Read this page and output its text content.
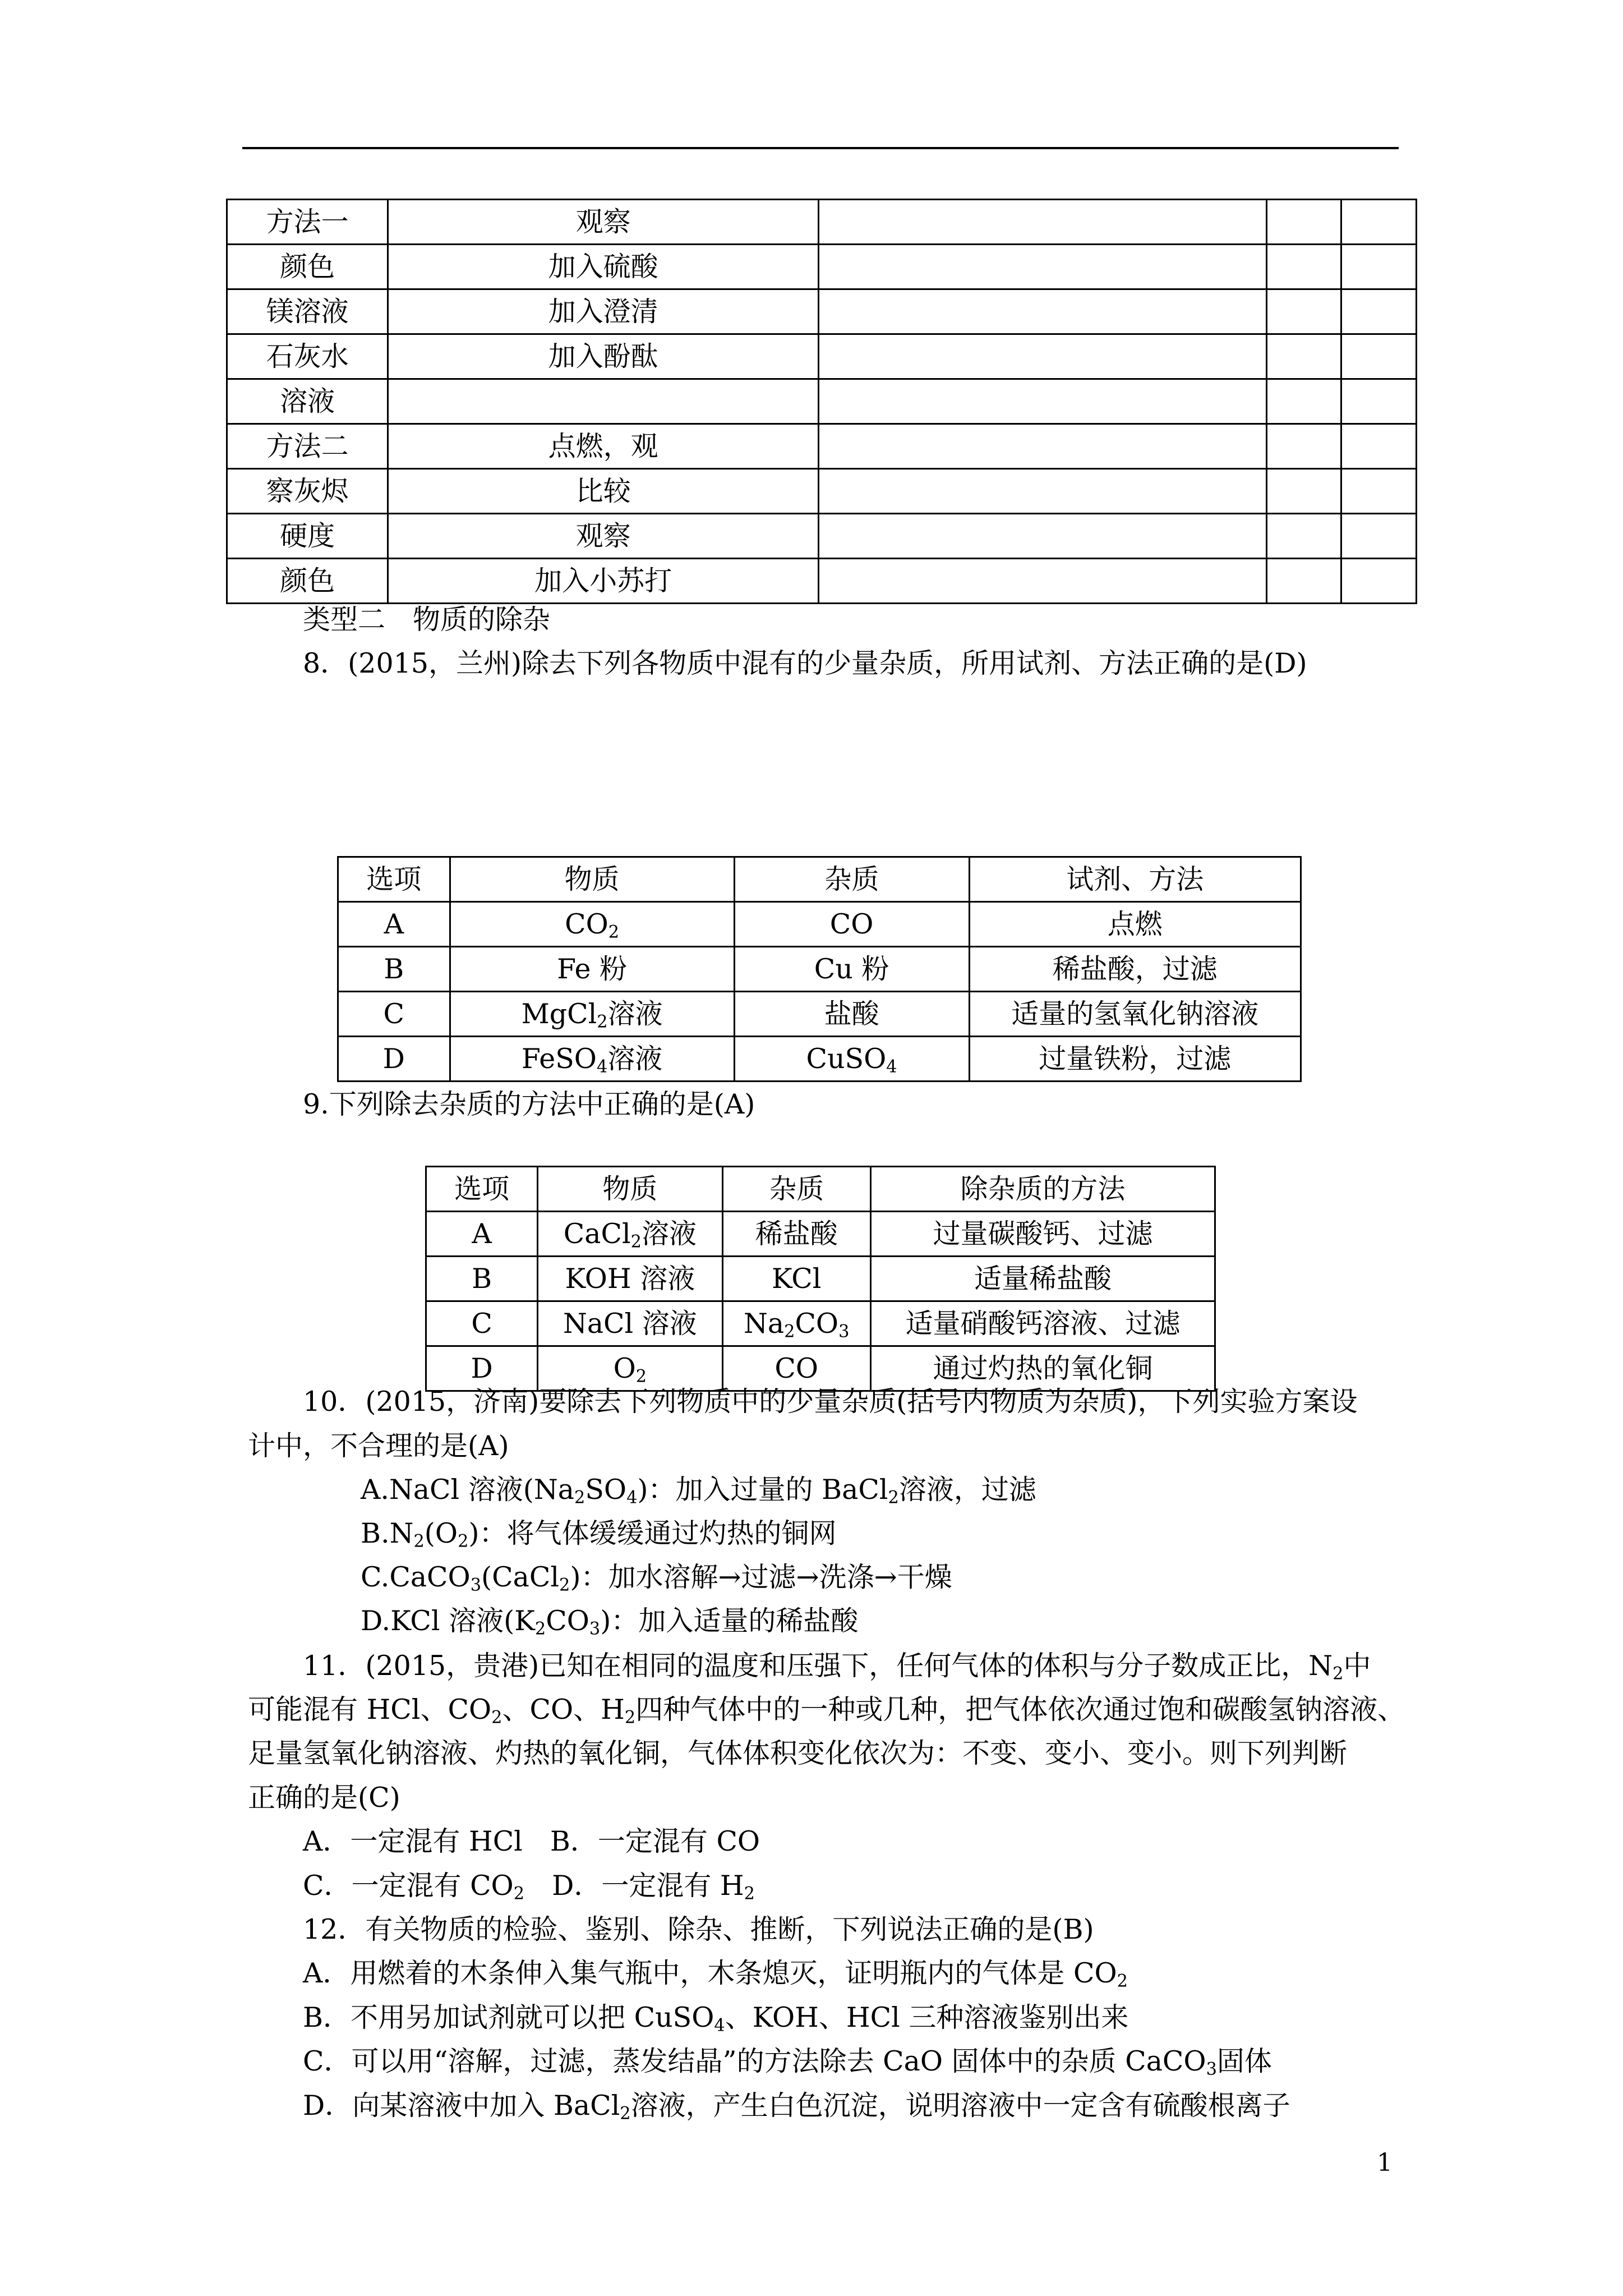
方法一	观察			
颜色	加入硫酸			
镁溶液	加入澄清			
石灰水	加入酚酞			
溶液				
方法二	点燃，观			
察灰烬	比较			
硬度	观察			
颜色	加入小苏打			
类型二　物质的除杂
8．(2015，兰州)除去下列各物质中混有的少量杂质，所用试剂、方法正确的是(D)
选项	物质	杂质	试剂、方法
A	$CO_2$	CO	点燃
B	Fe 粉	Cu 粉	稀盐酸，过滤
C	MgCl$_2$溶液	盐酸	适量的氢氧化钠溶液
D	FeSO$_4$溶液	CuSO$_4$	过量铁粉，过滤
9.下列除去杂质的方法中正确的是(A)
选项	物质	杂质	除杂质的方法
A	CaCl$_2$溶液	稀盐酸	过量碳酸钙、过滤
B	KOH 溶液	KCl	适量稀盐酸
C	NaCl 溶液	$Na_2CO_3$	适量硝酸钙溶液、过滤
D	$O_2$	CO	通过灼热的氧化铜
10．(2015，济南)要除去下列物质中的少量杂质(括号内物质为杂质)，下列实验方案设
计中，不合理的是(A)
A.NaCl 溶液$(Na_2SO_4)$：加入过量的 BaCl$_2$溶液，过滤
$B.N_2(O_2)$：将气体缓缓通过灼热的铜网
C.CaCO$_3$(CaCl$_2$)：加水溶解→过滤→洗涤→干燥
D.KCl 溶液$(K_2CO_3)$：加入适量的稀盐酸
11．(2015，贵港)已知在相同的温度和压强下，任何气体的体积与分子数成正比，$N_2$中
可能混有 HCl、$CO_2$、CO、$H_2$四种气体中的一种或几种，把气体依次通过饱和碳酸氢钠溶液、
足量氢氧化钠溶液、灼热的氧化铜，气体体积变化依次为：不变、变小、变小。则下列判断
正确的是(C)
A．一定混有 HCl　B．一定混有 CO
C．一定混有 $CO_2$　D．一定混有 $H_2$
12．有关物质的检验、鉴别、除杂、推断，下列说法正确的是(B)
A．用燃着的木条伸入集气瓶中，木条熄灭，证明瓶内的气体是 $CO_2$
B．不用另加试剂就可以把 CuSO$_4$、KOH、HCl 三种溶液鉴别出来
C．可以用“溶解，过滤，蒸发结晶”的方法除去 CaO 固体中的杂质 CaCO$_3$固体
D．向某溶液中加入 BaCl$_2$溶液，产生白色沉淀，说明溶液中一定含有硫酸根离子
1
